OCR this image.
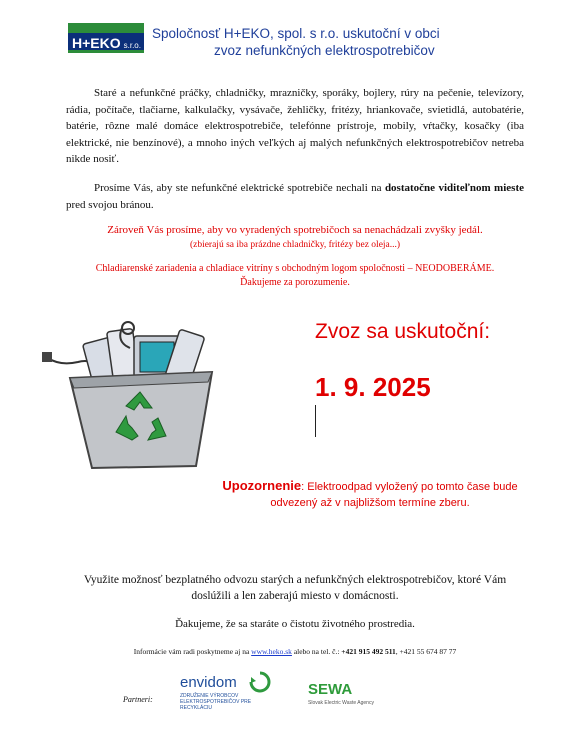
H+EKO s.r.o.
Spoločnosť H+EKO, spol. s r.o. uskutoční v obci
zvoz nefunkčných elektrospotrebičov
Staré a nefunkčné práčky, chladničky, mrazničky, sporáky, bojlery, rúry na pečenie, televízory, rádia, počítače, tlačiarne, kalkulačky, vysávače, žehličky, fritézy, hriankovače, svietidlá, autobatérie, batérie, rôzne malé domáce elektrospotrebiče, telefónne prístroje, mobily, vŕtačky, kosačky (iba elektrické, nie benzínové), a mnoho iných veľkých aj malých nefunkčných elektrospotrebičov netreba nikde nosiť.
Prosíme Vás, aby ste nefunkčné elektrické spotrebiče nechali na dostatočne viditeľnom mieste pred svojou bránou.
Zároveň Vás prosíme, aby vo vyradených spotrebičoch sa nenachádzali zvyšky jedál.
(zbierajú sa iba prázdne chladničky, fritézy bez oleja...)
Chladiarenské zariadenia a chladiace vitríny s obchodným logom spoločnosti – NEODOBERÁME.
Ďakujeme za porozumenie.
Zvoz sa uskutoční:
1. 9. 2025
Upozornenie: Elektroodpad vyložený po tomto čase bude odvezený až v najbližšom termíne zberu.
Využite možnosť bezplatného odvozu starých a nefunkčných elektrospotrebičov, ktoré Vám doslúžili a len zaberajú miesto v domácnosti.
Ďakujeme, že sa staráte o čistotu životného prostredia.
Informácie vám radi poskytneme aj na www.heko.sk alebo na tel. č.: +421 915 492 511, +421 55 674 87 77
Partneri:
envidom
ZDRUŽENIE VÝROBCOV ELEKTROSPOTREBIČOV PRE RECYKLÁCIU
SEWA
Slovak Electric Waste Agency
